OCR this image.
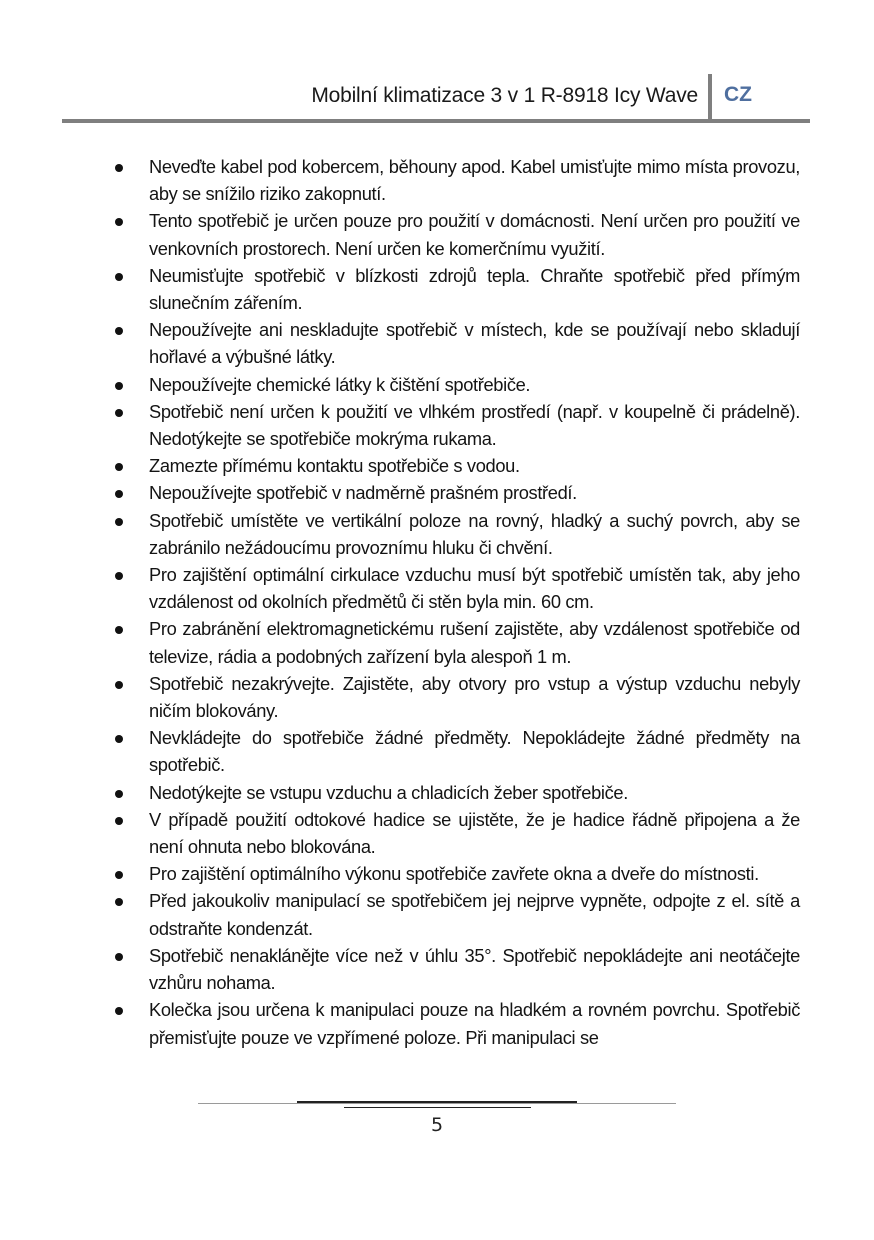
Mobilní klimatizace 3 v 1 R-8918 Icy Wave CZ
Neveďte kabel pod kobercem, běhouny apod. Kabel umisťujte mimo místa provozu, aby se snížilo riziko zakopnutí.
Tento spotřebič je určen pouze pro použití v domácnosti. Není určen pro použití ve venkovních prostorech. Není určen ke komerčnímu využití.
Neumisťujte spotřebič v blízkosti zdrojů tepla. Chraňte spotřebič před přímým slunečním zářením.
Nepoužívejte ani neskladujte spotřebič v místech, kde se používají nebo skladují hořlavé a výbušné látky.
Nepoužívejte chemické látky k čištění spotřebiče.
Spotřebič není určen k použití ve vlhkém prostředí (např. v koupelně či prádelně). Nedotýkejte se spotřebiče mokrýma rukama.
Zamezte přímému kontaktu spotřebiče s vodou.
Nepoužívejte spotřebič v nadměrně prašném prostředí.
Spotřebič umístěte ve vertikální poloze na rovný, hladký a suchý povrch, aby se zabránilo nežádoucímu provoznímu hluku či chvění.
Pro zajištění optimální cirkulace vzduchu musí být spotřebič umístěn tak, aby jeho vzdálenost od okolních předmětů či stěn byla min. 60 cm.
Pro zabránění elektromagnetickému rušení zajistěte, aby vzdálenost spotřebiče od televize, rádia a podobných zařízení byla alespoň 1 m.
Spotřebič nezakrývejte. Zajistěte, aby otvory pro vstup a výstup vzduchu nebyly ničím blokovány.
Nevkládejte do spotřebiče žádné předměty. Nepokládejte žádné předměty na spotřebič.
Nedotýkejte se vstupu vzduchu a chladicích žeber spotřebiče.
V případě použití odtokové hadice se ujistěte, že je hadice řádně připojena a že není ohnuta nebo blokována.
Pro zajištění optimálního výkonu spotřebiče zavřete okna a dveře do místnosti.
Před jakoukoliv manipulací se spotřebičem jej nejprve vypněte, odpojte z el. sítě a odstraňte kondenzát.
Spotřebič nenaklánějte více než v úhlu 35°. Spotřebič nepokládejte ani neotáčejte vzhůru nohama.
Kolečka jsou určena k manipulaci pouze na hladkém a rovném povrchu. Spotřebič přemisťujte pouze ve vzpřímené poloze. Při manipulaci se
5
